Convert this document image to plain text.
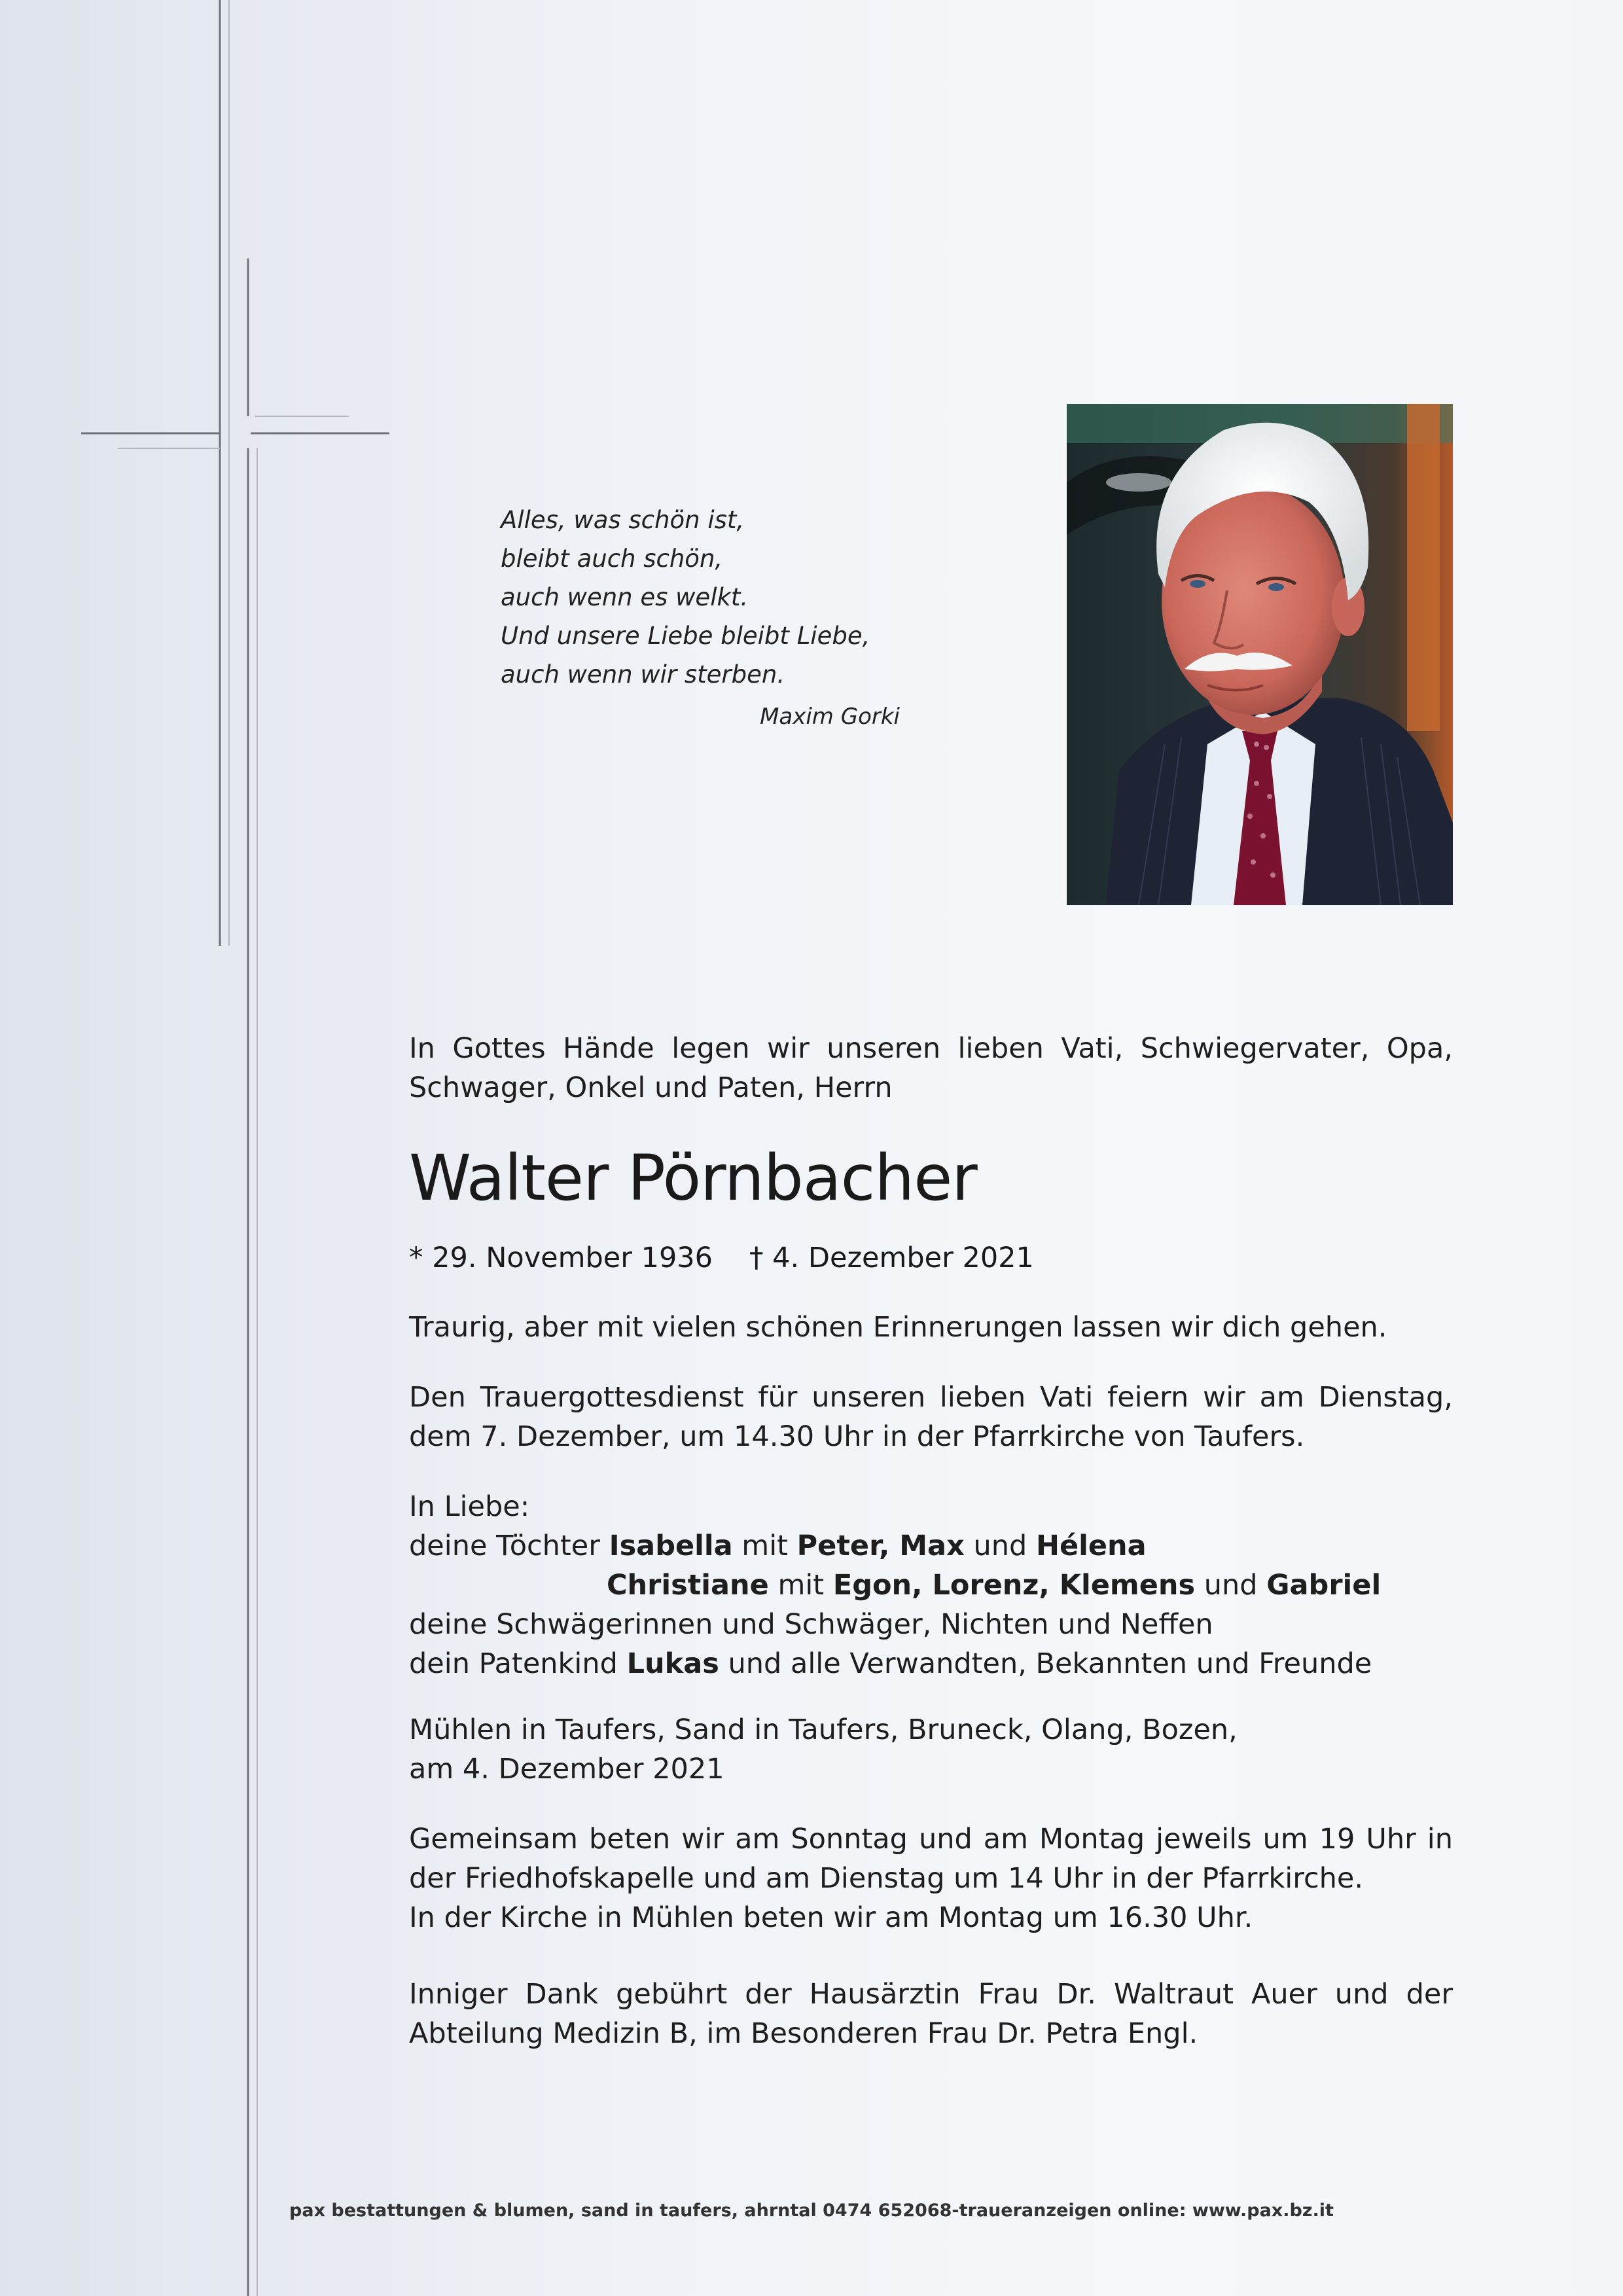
Alles, was schön ist,
bleibt auch schön,
auch wenn es welkt.
Und unsere Liebe bleibt Liebe,
auch wenn wir sterben.
Maxim Gorki
In Gottes Hände legen wir unseren lieben Vati, Schwiegervater, Opa,
Schwager, Onkel und Paten, Herrn
Walter Pörnbacher
* 29. November 1936 † 4. Dezember 2021
Traurig, aber mit vielen schönen Erinnerungen lassen wir dich gehen.
Den Trauergottesdienst für unseren lieben Vati feiern wir am Dienstag,
dem 7. Dezember, um 14.30 Uhr in der Pfarrkirche von Taufers.
In Liebe:
deine Töchter Isabella mit Peter, Max und Hélena
Christiane mit Egon, Lorenz, Klemens und Gabriel
deine Schwägerinnen und Schwäger, Nichten und Neffen
dein Patenkind Lukas und alle Verwandten, Bekannten und Freunde
Mühlen in Taufers, Sand in Taufers, Bruneck, Olang, Bozen,
am 4. Dezember 2021
Gemeinsam beten wir am Sonntag und am Montag jeweils um 19 Uhr in
der Friedhofskapelle und am Dienstag um 14 Uhr in der Pfarrkirche.
In der Kirche in Mühlen beten wir am Montag um 16.30 Uhr.
Inniger Dank gebührt der Hausärztin Frau Dr. Waltraut Auer und der
Abteilung Medizin B, im Besonderen Frau Dr. Petra Engl.
pax bestattungen & blumen, sand in taufers, ahrntal 0474 652068-traueranzeigen online: www.pax.bz.it
